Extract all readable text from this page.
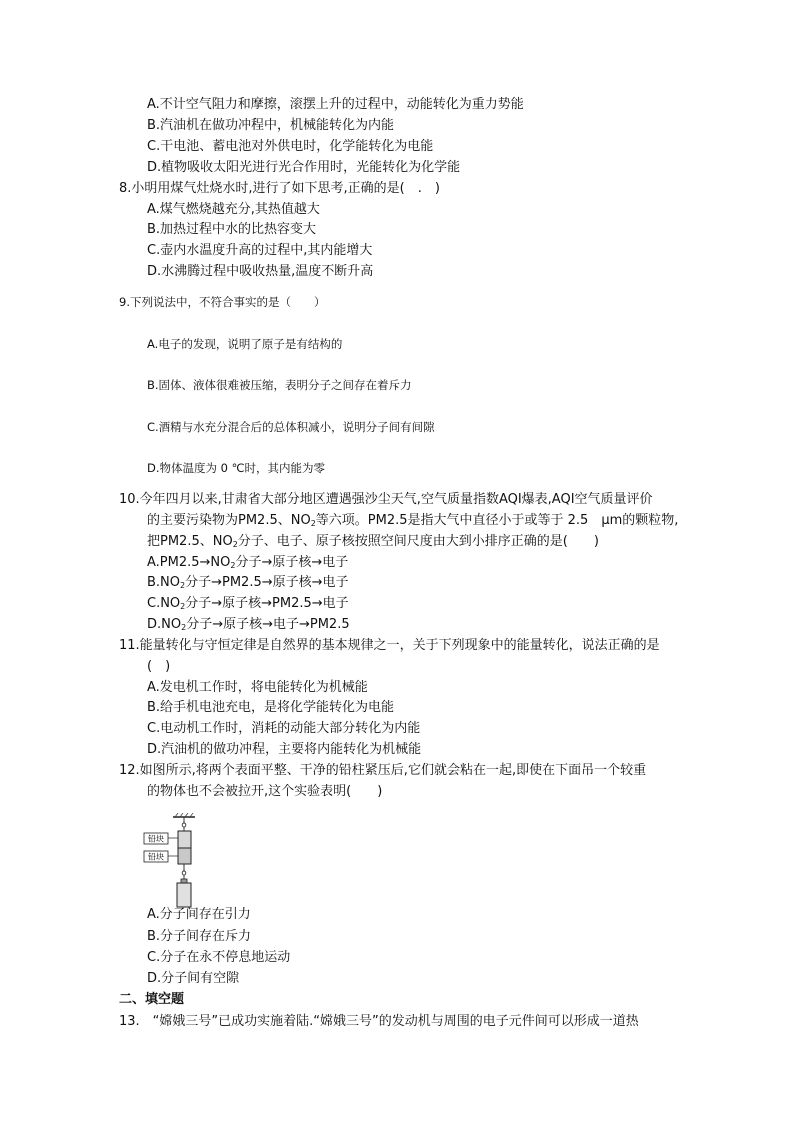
A.不计空气阻力和摩擦，滚摆上升的过程中，动能转化为重力势能
B.汽油机在做功冲程中，机械能转化为内能
C.干电池、蓄电池对外供电时，化学能转化为电能
D.植物吸收太阳光进行光合作用时，光能转化为化学能
8.小明用煤气灶烧水时,进行了如下思考,正确的是(　.　)
A.煤气燃烧越充分,其热值越大
B.加热过程中水的比热容变大
C.壶内水温度升高的过程中,其内能增大
D.水沸腾过程中吸收热量,温度不断升高
9.下列说法中，不符合事实的是（　　）
A.电子的发现，说明了原子是有结构的
B.固体、液体很难被压缩，表明分子之间存在着斥力
C.酒精与水充分混合后的总体积减小，说明分子间有间隙
D.物体温度为 0 ℃时，其内能为零
10.今年四月以来,甘肃省大部分地区遭遇强沙尘天气,空气质量指数AQI爆表,AQI空气质量评价
的主要污染物为PM2.5、$NO_2$等六项。PM2.5是指大气中直径小于或等于 2.5　μm的颗粒物,
把PM2.5、$NO_2$分子、电子、原子核按照空间尺度由大到小排序正确的是(　　)
$A.PM2.5\to NO_2$分子→原子核→电子
$B.NO_2$分子→PM2.5→原子核→电子
$C.NO_2$分子→原子核→PM2.5→电子
$D.NO_2$分子→原子核→电子→PM2.5
11.能量转化与守恒定律是自然界的基本规律之一，关于下列现象中的能量转化，说法正确的是
(　)
A.发电机工作时，将电能转化为机械能
B.给手机电池充电，是将化学能转化为电能
C.电动机工作时，消耗的动能大部分转化为内能
D.汽油机的做功冲程，主要将内能转化为机械能
12.如图所示,将两个表面平整、干净的铅柱紧压后,它们就会粘在一起,即使在下面吊一个较重
的物体也不会被拉开,这个实验表明(　　)
铅块
铅块
A.分子间存在引力
B.分子间存在斥力
C.分子在永不停息地运动
D.分子间有空隙
二、填空题
13.　“嫦娥三号”已成功实施着陆.“嫦娥三号”的发动机与周围的电子元件间可以形成一道热
